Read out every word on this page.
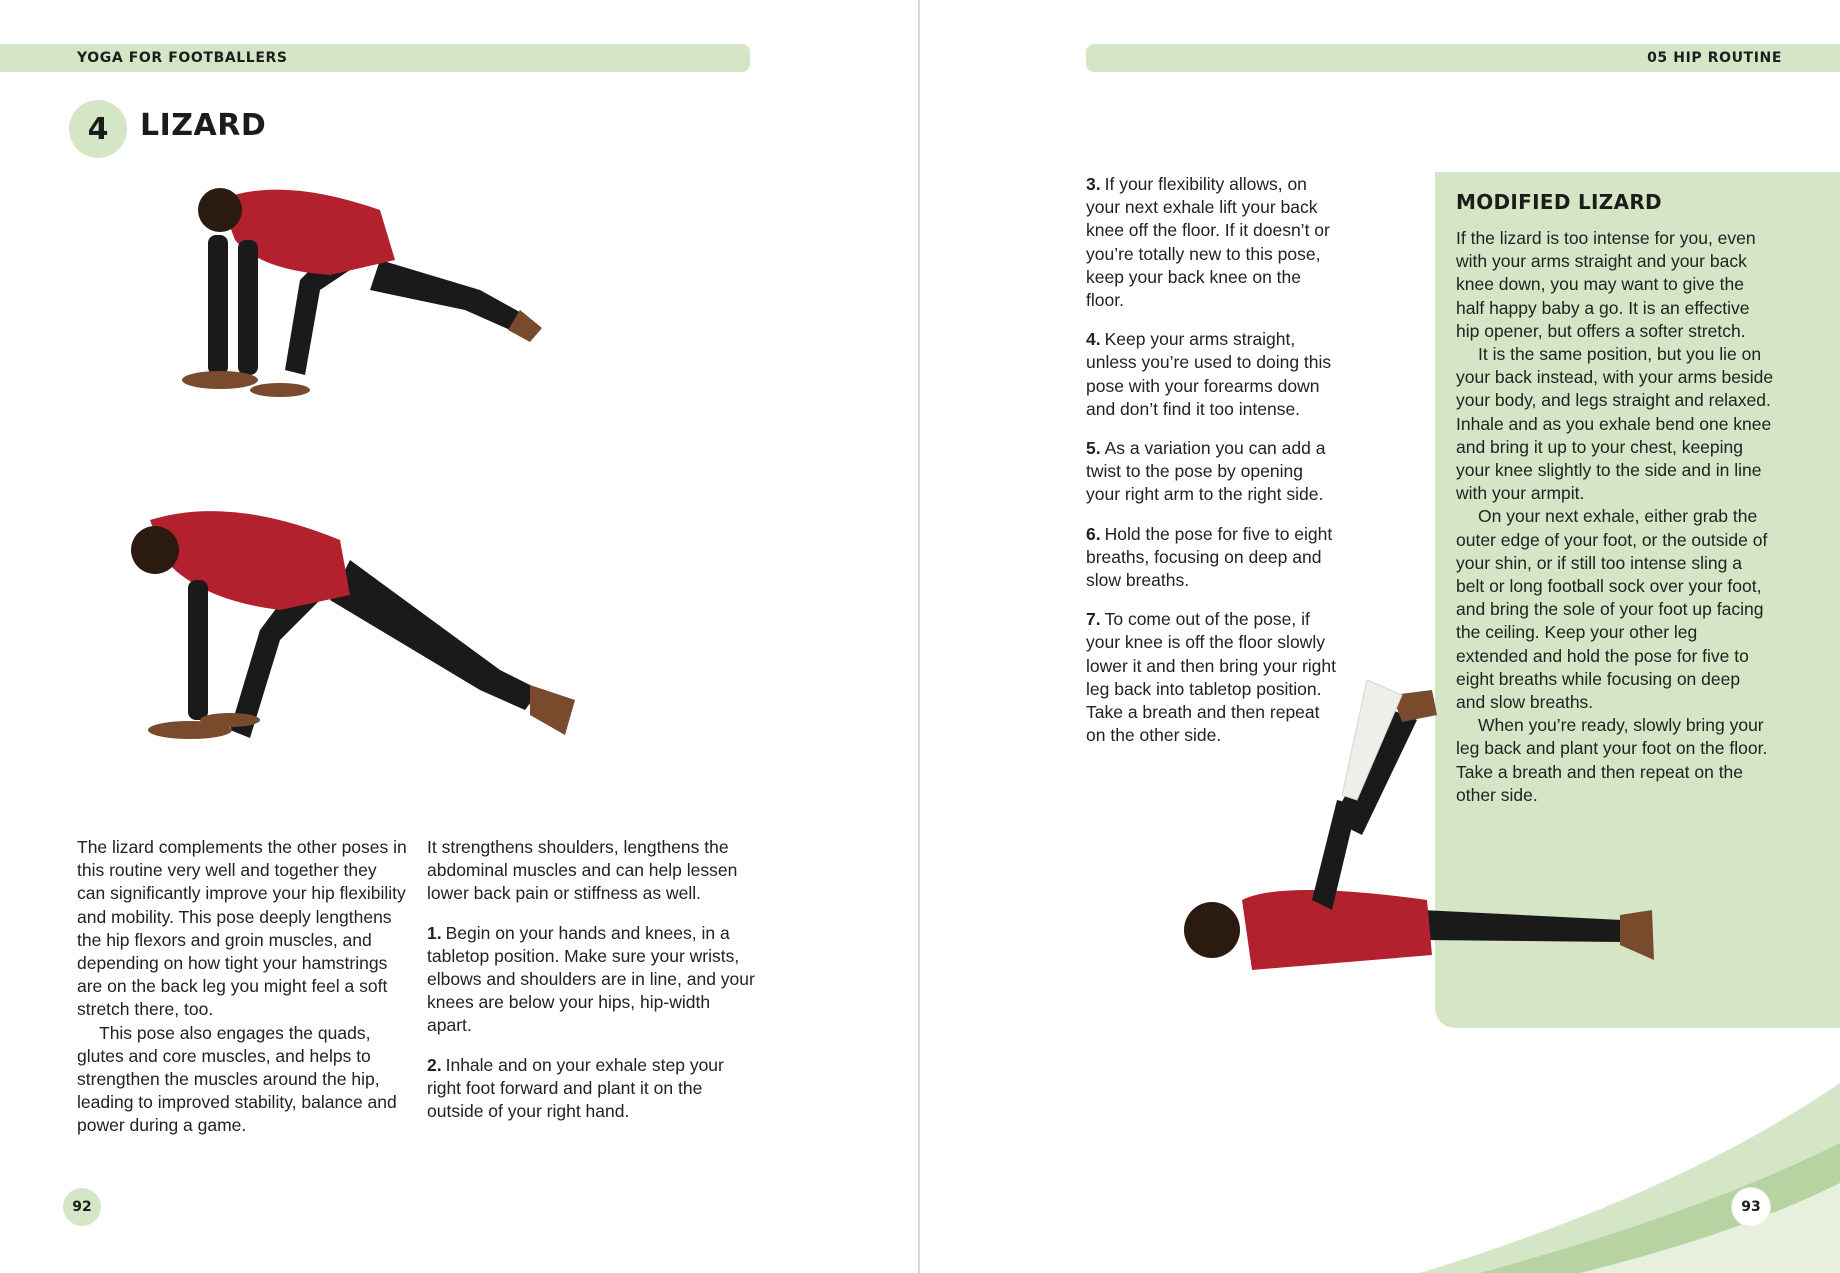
YOGA FOR FOOTBALLERS
4	LIZARD

The lizard complements the other poses in this routine very well and together they can significantly improve your hip flexibility and mobility. This pose deeply lengthens the hip flexors and groin muscles, and depending on how tight your hamstrings are on the back leg you might feel a soft stretch there, too.

This pose also engages the quads, glutes and core muscles, and helps to strengthen the muscles around the hip, leading to improved stability, balance and power during a game.

It strengthens shoulders, lengthens the abdominal muscles and can help lessen lower back pain or stiffness as well.

1. Begin on your hands and knees, in a tabletop position. Make sure your wrists, elbows and shoulders are in line, and your knees are below your hips, hip-width apart.

2. Inhale and on your exhale step your right foot forward and plant it on the outside of your right hand.

92
05 HIP ROUTINE

3. If your flexibility allows, on your next exhale lift your back knee off the floor. If it doesn’t or you’re totally new to this pose, keep your back knee on the floor.

4. Keep your arms straight, unless you’re used to doing this pose with your forearms down and don’t find it too intense.

5. As a variation you can add a twist to the pose by opening your right arm to the right side.

6. Hold the pose for five to eight breaths, focusing on deep and slow breaths.

7. To come out of the pose, if your knee is off the floor slowly lower it and then bring your right leg back into tabletop position. Take a breath and then repeat on the other side.

MODIFIED LIZARD

If the lizard is too intense for you, even with your arms straight and your back knee down, you may want to give the half happy baby a go. It is an effective hip opener, but offers a softer stretch.

It is the same position, but you lie on your back instead, with your arms beside your body, and legs straight and relaxed. Inhale and as you exhale bend one knee and bring it up to your chest, keeping your knee slightly to the side and in line with your armpit.

On your next exhale, either grab the outer edge of your foot, or the outside of your shin, or if still too intense sling a belt or long football sock over your foot, and bring the sole of your foot up facing the ceiling. Keep your other leg extended and hold the pose for five to eight breaths while focusing on deep and slow breaths.

When you’re ready, slowly bring your leg back and plant your foot on the floor. Take a breath and then repeat on the other side.

93
